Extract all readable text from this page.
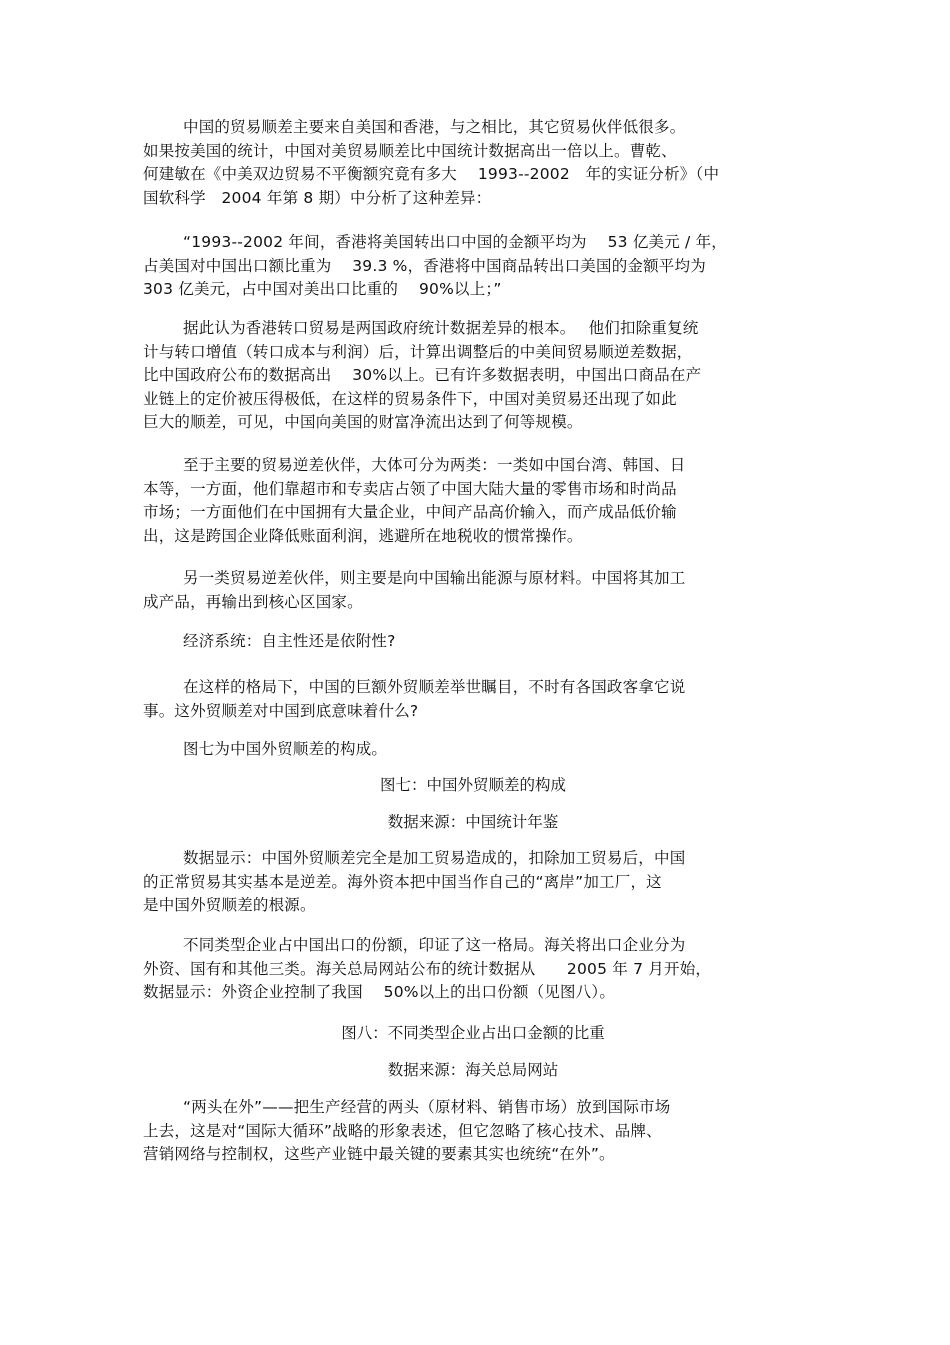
中国的贸易顺差主要来自美国和香港，与之相比，其它贸易伙伴低很多。
如果按美国的统计，中国对美贸易顺差比中国统计数据高出一倍以上。曹乾、
何建敏在《中美双边贸易不平衡额究竟有多大　 1993--2002　年的实证分析》（中
国软科学　2004 年第 8 期）中分析了这种差异：
“1993--2002 年间，香港将美国转出口中国的金额平均为　 53 亿美元 / 年，
占美国对中国出口额比重为　 39.3 %，香港将中国商品转出口美国的金额平均为
303 亿美元，占中国对美出口比重的　 90%以上；”
据此认为香港转口贸易是两国政府统计数据差异的根本。　 他们扣除重复统
计与转口增值（转口成本与利润）后，计算出调整后的中美间贸易顺逆差数据，
比中国政府公布的数据高出　 30%以上。已有许多数据表明，中国出口商品在产
业链上的定价被压得极低，在这样的贸易条件下，中国对美贸易还出现了如此
巨大的顺差，可见，中国向美国的财富净流出达到了何等规模。
至于主要的贸易逆差伙伴，大体可分为两类：一类如中国台湾、韩国、日
本等，一方面，他们靠超市和专卖店占领了中国大陆大量的零售市场和时尚品
市场；一方面他们在中国拥有大量企业，中间产品高价输入，而产成品低价输
出，这是跨国企业降低账面利润，逃避所在地税收的惯常操作。
另一类贸易逆差伙伴，则主要是向中国输出能源与原材料。中国将其加工
成产品，再输出到核心区国家。
经济系统：自主性还是依附性?
在这样的格局下，中国的巨额外贸顺差举世瞩目，不时有各国政客拿它说
事。这外贸顺差对中国到底意味着什么?
图七为中国外贸顺差的构成。

图七：中国外贸顺差的构成

数据来源：中国统计年鉴

数据显示：中国外贸顺差完全是加工贸易造成的，扣除加工贸易后，中国
的正常贸易其实基本是逆差。海外资本把中国当作自己的“离岸”加工厂，这
是中国外贸顺差的根源。
不同类型企业占中国出口的份额，印证了这一格局。海关将出口企业分为
外资、国有和其他三类。海关总局网站公布的统计数据从　　2005 年 7 月开始，
数据显示：外资企业控制了我国　 50%以上的出口份额（见图八）。

图八：不同类型企业占出口金额的比重

数据来源：海关总局网站

“两头在外”——把生产经营的两头（原材料、销售市场）放到国际市场
上去，这是对“国际大循环”战略的形象表述，但它忽略了核心技术、品牌、
营销网络与控制权，这些产业链中最关键的要素其实也统统“在外”。
